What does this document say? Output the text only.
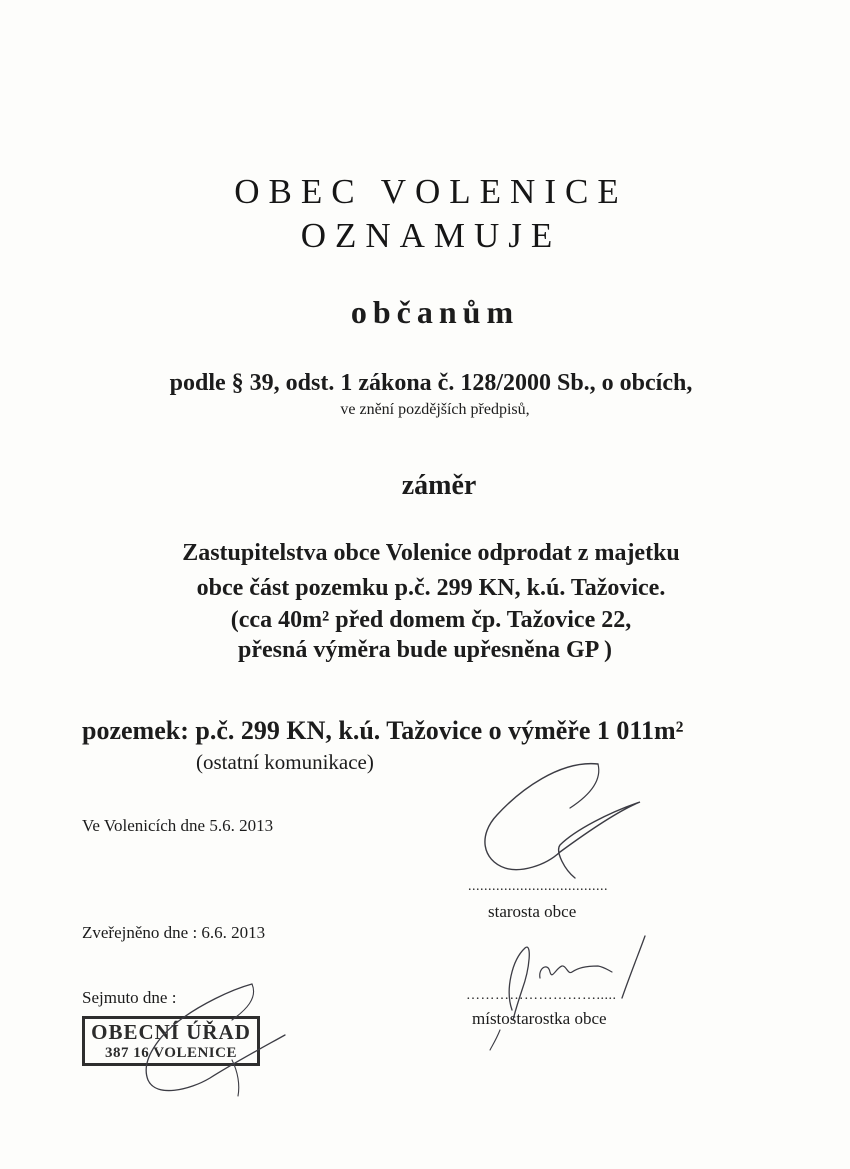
OBEC VOLENICE
OZNAMUJE
občanům
podle § 39, odst. 1 zákona č. 128/2000 Sb., o obcích,
ve znění pozdějších předpisů,
záměr
Zastupitelstva obce Volenice odprodat z majetku
obce část pozemku p.č. 299 KN, k.ú. Tažovice.
(cca 40m² před domem čp. Tažovice 22,
přesná výměra bude upřesněna GP )
pozemek: p.č. 299 KN, k.ú. Tažovice o výměře 1 011m²
(ostatní komunikace)
Ve Volenicích dne 5.6. 2013
Zveřejněno dne : 6.6. 2013
Sejmuto dne :
...................................
starosta obce
……………………….....
místostarostka obce
OBECNÍ ÚŘAD
387 16 VOLENICE
